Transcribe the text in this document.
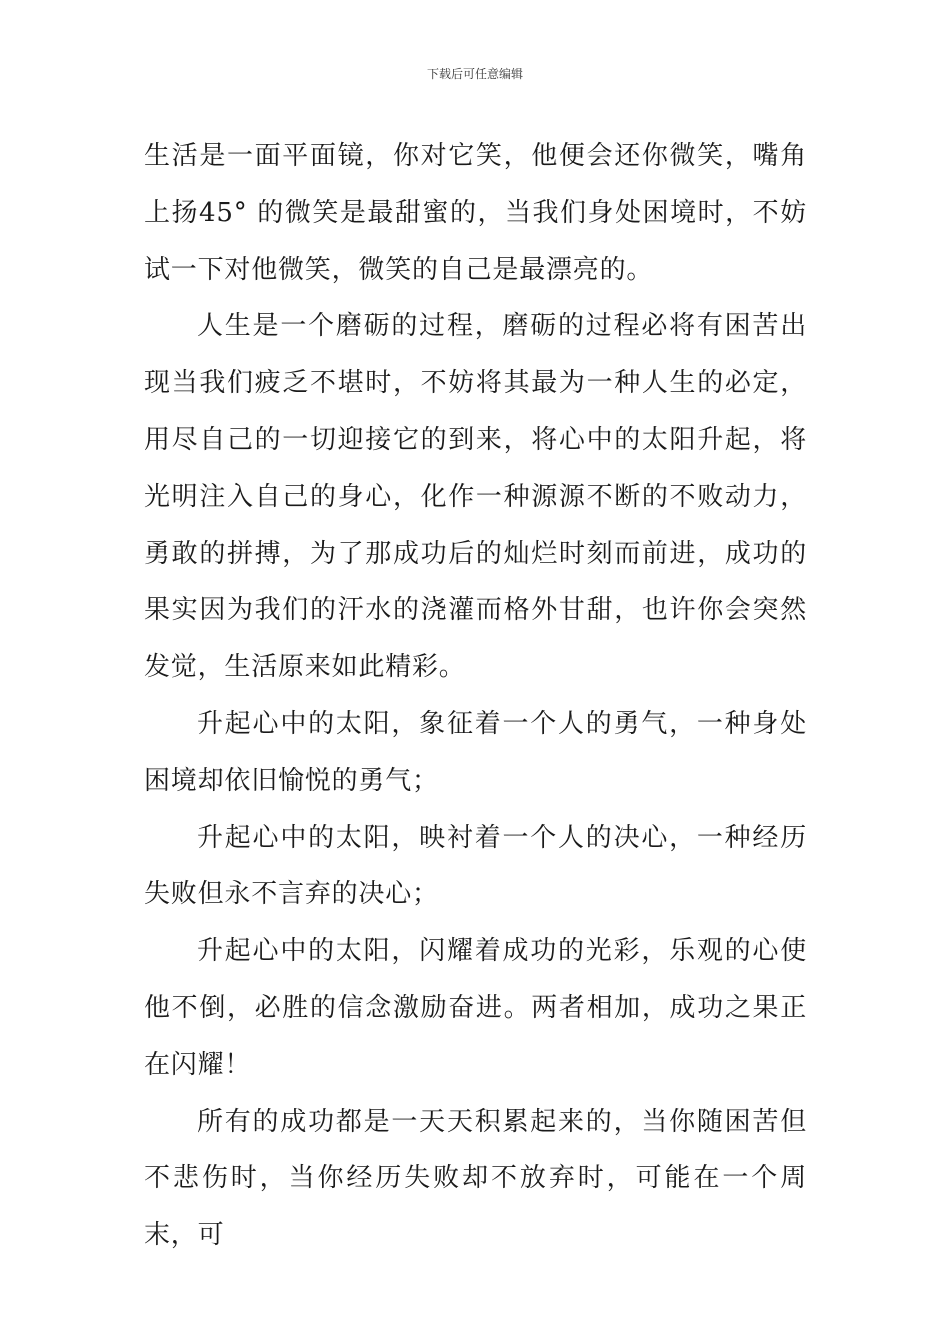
下载后可任意编辑

生活是一面平面镜，你对它笑，他便会还你微笑，嘴角上扬45° 的微笑是最甜蜜的，当我们身处困境时，不妨试一下对他微笑，微笑的自己是最漂亮的。

人生是一个磨砺的过程，磨砺的过程必将有困苦出现当我们疲乏不堪时，不妨将其最为一种人生的必定，用尽自己的一切迎接它的到来，将心中的太阳升起，将光明注入自己的身心，化作一种源源不断的不败动力，勇敢的拼搏，为了那成功后的灿烂时刻而前进，成功的果实因为我们的汗水的浇灌而格外甘甜，也许你会突然发觉，生活原来如此精彩。

升起心中的太阳，象征着一个人的勇气，一种身处困境却依旧愉悦的勇气；

升起心中的太阳，映衬着一个人的决心，一种经历失败但永不言弃的决心；

升起心中的太阳，闪耀着成功的光彩，乐观的心使他不倒，必胜的信念激励奋进。两者相加，成功之果正在闪耀！

所有的成功都是一天天积累起来的，当你随困苦但不悲伤时，当你经历失败却不放弃时，可能在一个周末，可
